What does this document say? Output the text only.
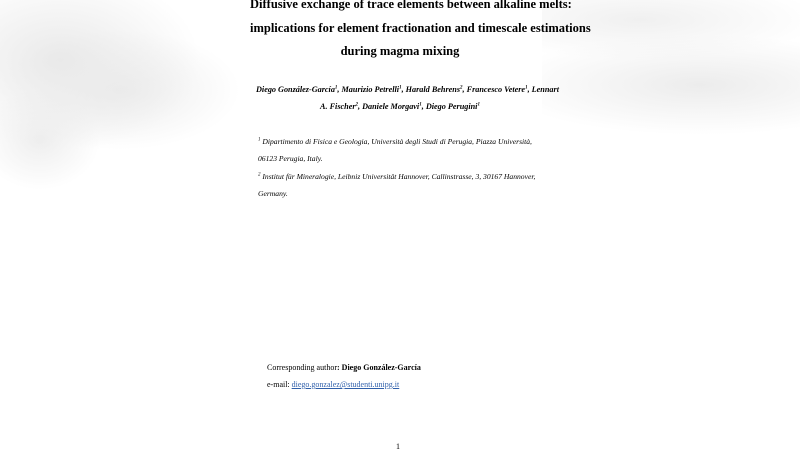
Diffusive exchange of trace elements between alkaline melts:
implications for element fractionation and timescale estimations
during magma mixing
Diego González-García$^1$, Maurizio Petrelli$^1$, Harald Behrens$^2$, Francesco Vetere$^1$, Lennart
A. Fischer$^2$, Daniele Morgavi$^1$, Diego Perugini$^1$
$^1$ Dipartimento di Fisica e Geologia, Università degli Studi di Perugia, Piazza Università,
06123 Perugia, Italy.
$^2$ Institut für Mineralogie, Leibniz Universität Hannover, Callinstrasse, 3, 30167 Hannover,
Germany.
Corresponding author: Diego González-García
e-mail: diego.gonzalez@studenti.unipg.it
1
